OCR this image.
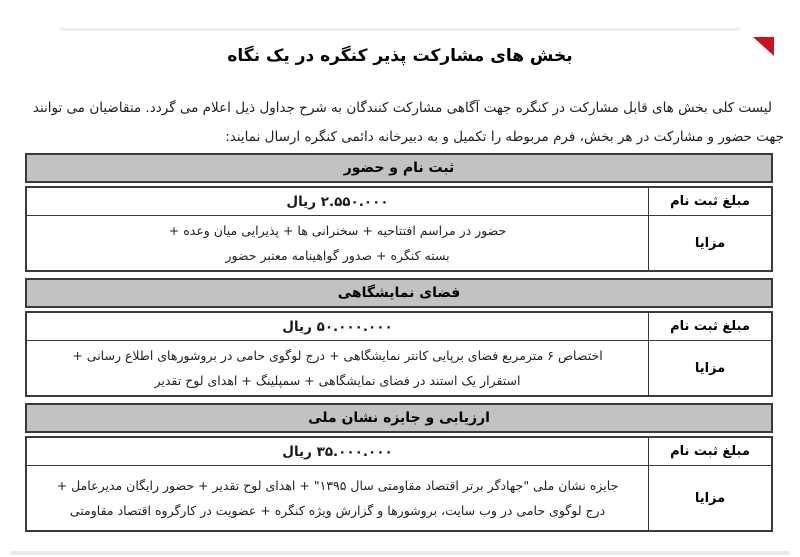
بخش های مشارکت پذیر کنگره در یک نگاه
لیست کلی بخش های قابل مشارکت در کنگره جهت آگاهی مشارکت کنندگان به شرح جداول ذیل اعلام می گردد. متقاضیان می توانند
جهت حضور و مشارکت در هر بخش، فرم مربوطه را تکمیل و به دبیرخانه دائمی کنگره ارسال نمایند:
ثبت نام و حضور
مبلغ ثبت نام
۲.۵۵۰.۰۰۰ ریال
مزایا
حضور در مراسم افتتاحیه + سخنرانی ها + پذیرایی میان وعده +
بسته کنگره + صدور گواهینامه معتبر حضور
فضای نمایشگاهی
مبلغ ثبت نام
۵۰.۰۰۰.۰۰۰ ریال
مزایا
اختصاص ۶ مترمربع فضای برپایی کانتر نمایشگاهی + درج لوگوی حامی در بروشورهای اطلاع رسانی +
استقرار یک استند در فضای نمایشگاهی + سمپلینگ + اهدای لوح تقدیر
ارزیابی و جایزه نشان ملی
مبلغ ثبت نام
۳۵.۰۰۰.۰۰۰ ریال
مزایا
جایزه نشان ملی "جهادگر برتر اقتصاد مقاومتی سال ۱۳۹۵" + اهدای لوح تقدیر + حضور رایگان مدیرعامل +
درج لوگوی حامی در وب سایت، بروشورها و گزارش ویژه کنگره + عضویت در کارگروه اقتصاد مقاومتی
